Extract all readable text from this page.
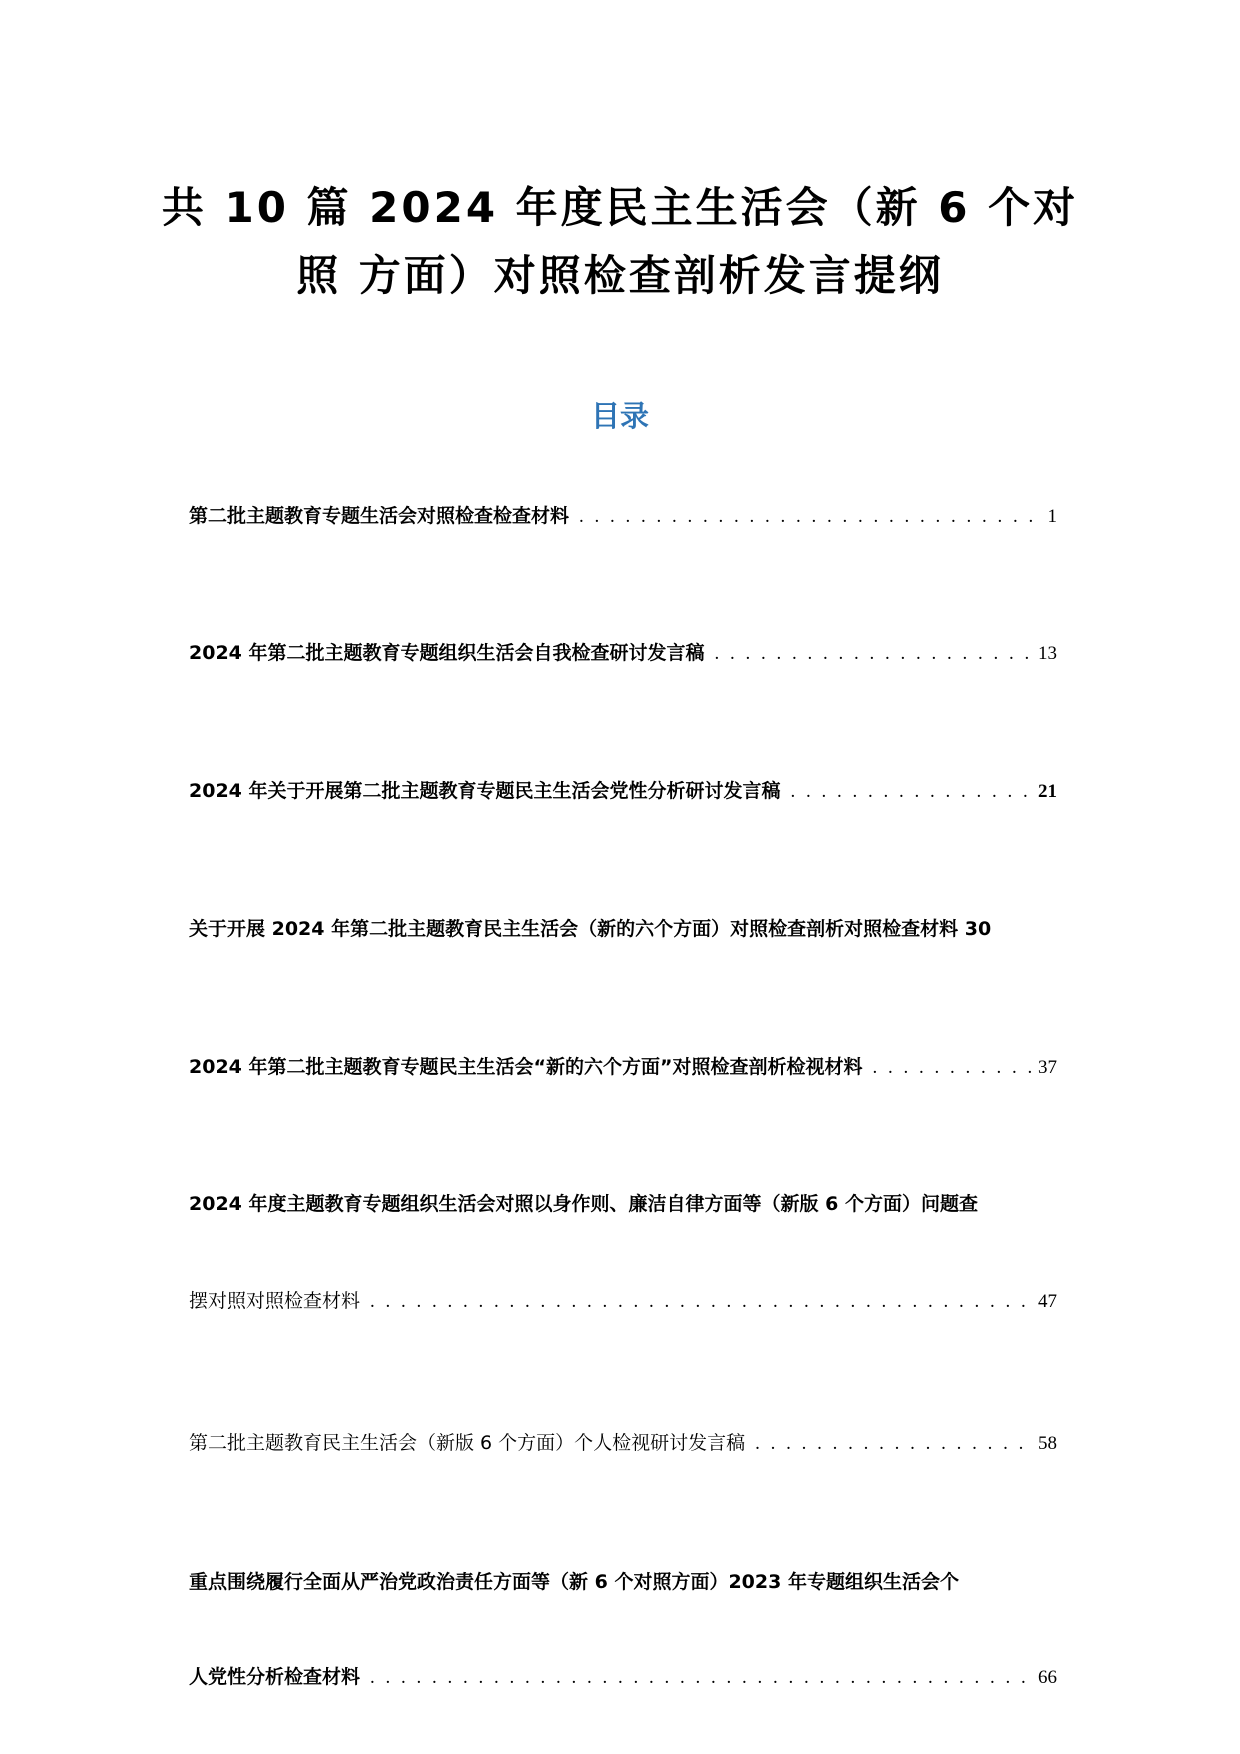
共 10 篇 2024 年度民主生活会（新 6 个对
照 方面）对照检查剖析发言提纲
目录
第二批主题教育专题生活会对照检查检查材料 . . .	1
2024 年第二批主题教育专题组织生活会自我检查研讨发言稿 . . .	13
2024 年关于开展第二批主题教育专题民主生活会党性分析研讨发言稿 . . .	21
关于开展 2024 年第二批主题教育民主生活会（新的六个方面）对照检查剖析对照检查材料 30
2024 年第二批主题教育专题民主生活会“新的六个方面”对照检查剖析检视材料 . . .	37
2024 年度主题教育专题组织生活会对照以身作则、廉洁自律方面等（新版 6 个方面）问题查
摆对照对照检查材料 . . .	47
第二批主题教育民主生活会（新版 6 个方面）个人检视研讨发言稿 . . .	58
重点围绕履行全面从严治党政治责任方面等（新 6 个对照方面）2023 年专题组织生活会个
人党性分析检查材料 . . .	66
